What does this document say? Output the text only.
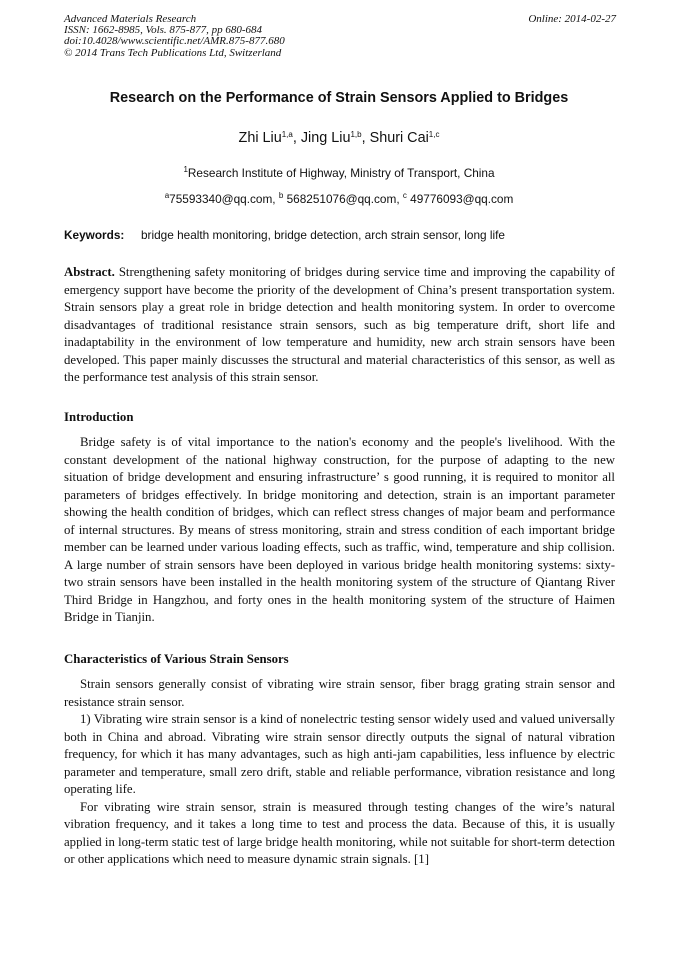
Advanced Materials Research
ISSN: 1662-8985, Vols. 875-877, pp 680-684
doi:10.4028/www.scientific.net/AMR.875-877.680
© 2014 Trans Tech Publications Ltd, Switzerland
Online: 2014-02-27
Research on the Performance of Strain Sensors Applied to Bridges
Zhi Liu$^{1,a}$, Jing Liu$^{1,b}$, Shuri Cai$^{1,c}$
$^1$Research Institute of Highway, Ministry of Transport, China
$^a$75593340@qq.com, $^b$ 568251076@qq.com, $^c$ 49776093@qq.com
Keywords: bridge health monitoring, bridge detection, arch strain sensor, long life
Abstract. Strengthening safety monitoring of bridges during service time and improving the capability of emergency support have become the priority of the development of China’s present transportation system. Strain sensors play a great role in bridge detection and health monitoring system. In order to overcome disadvantages of traditional resistance strain sensors, such as big temperature drift, short life and inadaptability in the environment of low temperature and humidity, new arch strain sensors have been developed. This paper mainly discusses the structural and material characteristics of this sensor, as well as the performance test analysis of this strain sensor.
Introduction

Bridge safety is of vital importance to the nation's economy and the people's livelihood. With the constant development of the national highway construction, for the purpose of adapting to the new situation of bridge development and ensuring infrastructure’ s good running, it is required to monitor all parameters of bridges effectively. In bridge monitoring and detection, strain is an important parameter showing the health condition of bridges, which can reflect stress changes of major beam and performance of internal structures. By means of stress monitoring, strain and stress condition of each important bridge member can be learned under various loading effects, such as traffic, wind, temperature and ship collision. A large number of strain sensors have been deployed in various bridge health monitoring systems: sixty-two strain sensors have been installed in the health monitoring system of the structure of Qiantang River Third Bridge in Hangzhou, and forty ones in the health monitoring system of the structure of Haimen Bridge in Tianjin.

Characteristics of Various Strain Sensors

Strain sensors generally consist of vibrating wire strain sensor, fiber bragg grating strain sensor and resistance strain sensor.

1) Vibrating wire strain sensor is a kind of nonelectric testing sensor widely used and valued universally both in China and abroad. Vibrating wire strain sensor directly outputs the signal of natural vibration frequency, for which it has many advantages, such as high anti-jam capabilities, less influence by electric parameter and temperature, small zero drift, stable and reliable performance, vibration resistance and long operating life.

For vibrating wire strain sensor, strain is measured through testing changes of the wire’s natural vibration frequency, and it takes a long time to test and process the data. Because of this, it is usually applied in long-term static test of large bridge health monitoring, while not suitable for short-term detection or other applications which need to measure dynamic strain signals. [1]
